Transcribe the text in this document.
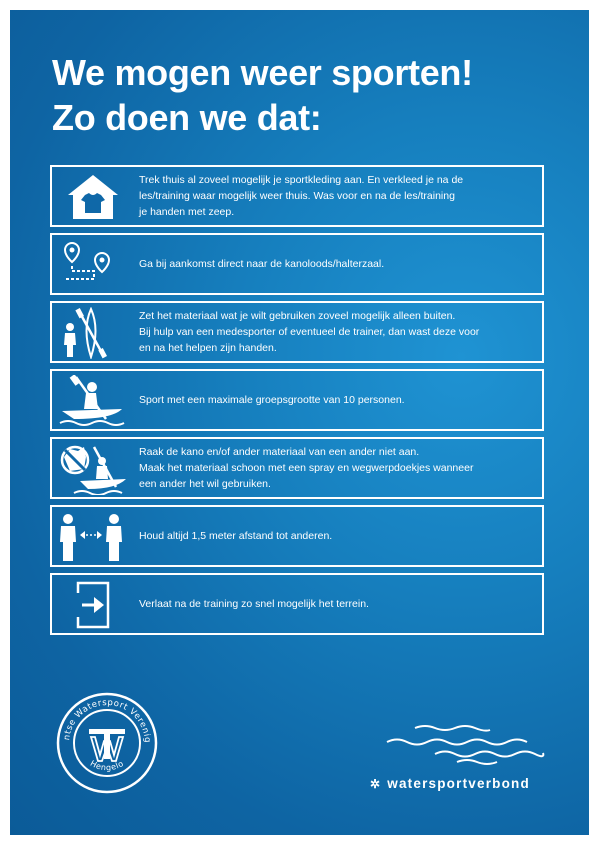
We mogen weer sporten!
Zo doen we dat:
Trek thuis al zoveel mogelijk je sportkleding aan. En verkleed je na de
les/training waar mogelijk weer thuis. Was voor en na de les/training
je handen met zeep.
Ga bij aankomst direct naar de kanoloods/halterzaal.
Zet het materiaal wat je wilt gebruiken zoveel mogelijk alleen buiten.
Bij hulp van een medesporter of eventueel de trainer, dan wast deze voor
en na het helpen zijn handen.
Sport met een maximale groepsgrootte van 10 personen.
Raak de kano en/of ander materiaal van een ander niet aan.
Maak het materiaal schoon met een spray en wegwerpdoekjes wanneer
een ander het wil gebruiken.
Houd altijd 1,5 meter afstand tot anderen.
Verlaat na de training zo snel mogelijk het terrein.
ntse Watersport Verenig
Hengelo
✲ watersportverbond
